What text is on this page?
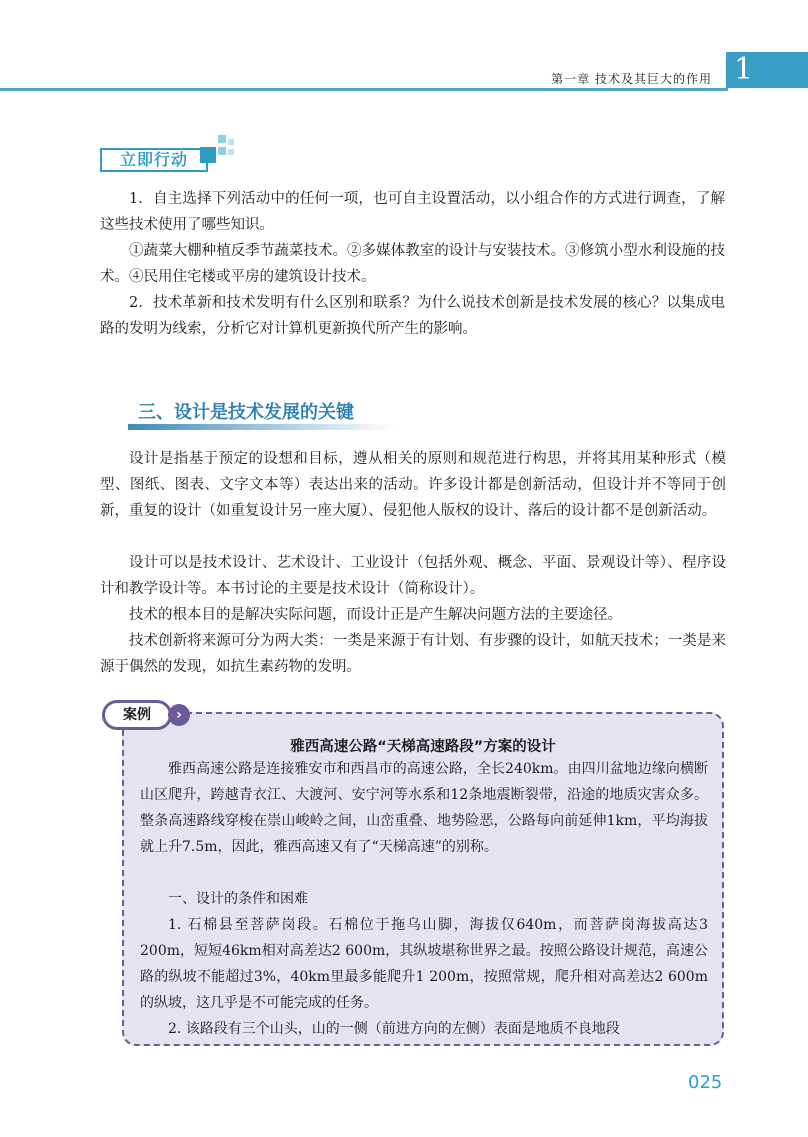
第一章 技术及其巨大的作用 1
立即行动

1．自主选择下列活动中的任何一项，也可自主设置活动，以小组合作的方式进行调查，了解这些技术使用了哪些知识。

①蔬菜大棚种植反季节蔬菜技术。②多媒体教室的设计与安装技术。③修筑小型水利设施的技术。④民用住宅楼或平房的建筑设计技术。

2．技术革新和技术发明有什么区别和联系？为什么说技术创新是技术发展的核心？以集成电路的发明为线索，分析它对计算机更新换代所产生的影响。

三、设计是技术发展的关键

设计是指基于预定的设想和目标，遵从相关的原则和规范进行构思，并将其用某种形式（模型、图纸、图表、文字文本等）表达出来的活动。许多设计都是创新活动，但设计并不等同于创新，重复的设计（如重复设计另一座大厦）、侵犯他人版权的设计、落后的设计都不是创新活动。

设计可以是技术设计、艺术设计、工业设计（包括外观、概念、平面、景观设计等）、程序设计和教学设计等。本书讨论的主要是技术设计（简称设计）。

技术的根本目的是解决实际问题，而设计正是产生解决问题方法的主要途径。

技术创新将来源可分为两大类：一类是来源于有计划、有步骤的设计，如航天技术；一类是来源于偶然的发现，如抗生素药物的发明。

案例	›
雅西高速公路“天梯高速路段”方案的设计

雅西高速公路是连接雅安市和西昌市的高速公路，全长240km。由四川盆地边缘向横断山区爬升，跨越青衣江、大渡河、安宁河等水系和12条地震断裂带，沿途的地质灾害众多。整条高速路线穿梭在崇山峻岭之间，山峦重叠、地势险恶，公路每向前延伸1km，平均海拔就上升7.5m，因此，雅西高速又有了“天梯高速”的别称。

一、设计的条件和困难

1. 石棉县至菩萨岗段。石棉位于拖乌山脚，海拔仅640m，而菩萨岗海拔高达3 200m，短短46km相对高差达2 600m，其纵坡堪称世界之最。按照公路设计规范，高速公路的纵坡不能超过3%，40km里最多能爬升1 200m，按照常规，爬升相对高差达2 600m的纵坡，这几乎是不可能完成的任务。

2. 该路段有三个山头，山的一侧（前进方向的左侧）表面是地质不良地段

025
